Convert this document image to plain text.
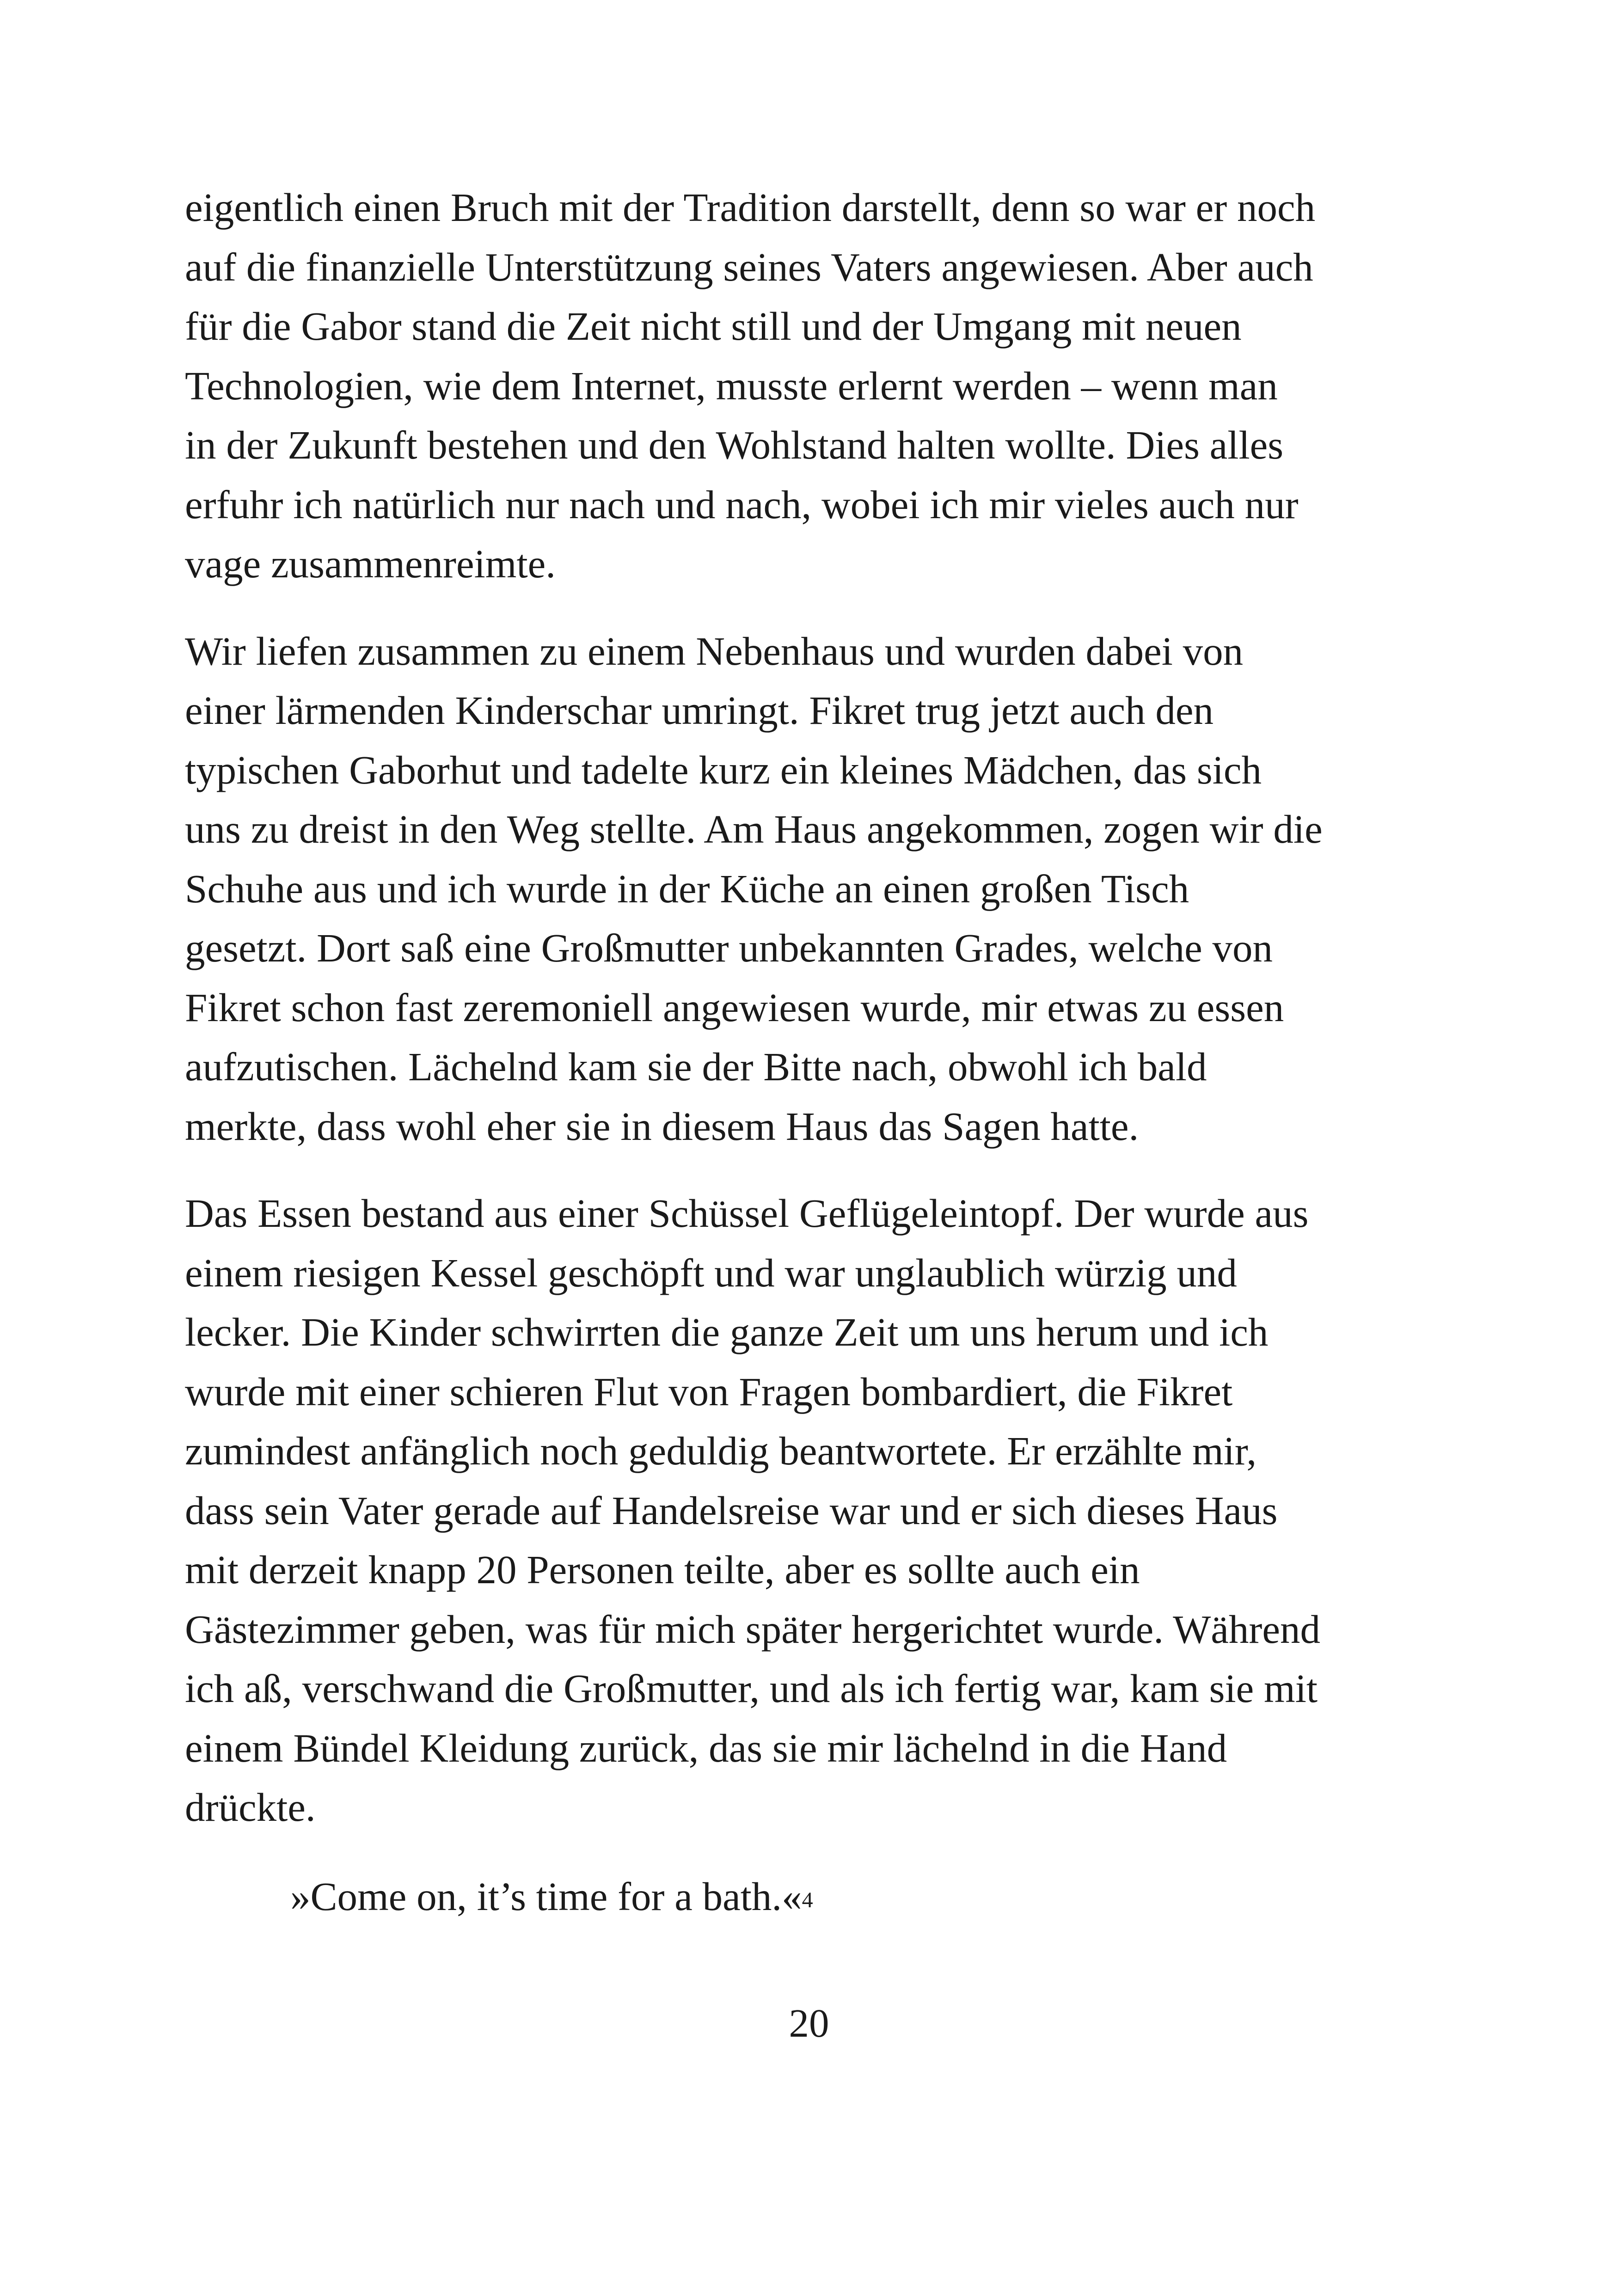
eigentlich einen Bruch mit der Tradition darstellt, denn so war er noch
auf die finanzielle Unterstützung seines Vaters angewiesen. Aber auch
für die Gabor stand die Zeit nicht still und der Umgang mit neuen
Technologien, wie dem Internet, musste erlernt werden – wenn man
in der Zukunft bestehen und den Wohlstand halten wollte. Dies alles
erfuhr ich natürlich nur nach und nach, wobei ich mir vieles auch nur
vage zusammenreimte.

Wir liefen zusammen zu einem Nebenhaus und wurden dabei von
einer lärmenden Kinderschar umringt. Fikret trug jetzt auch den
typischen Gaborhut und tadelte kurz ein kleines Mädchen, das sich
uns zu dreist in den Weg stellte. Am Haus angekommen, zogen wir die
Schuhe aus und ich wurde in der Küche an einen großen Tisch
gesetzt. Dort saß eine Großmutter unbekannten Grades, welche von
Fikret schon fast zeremoniell angewiesen wurde, mir etwas zu essen
aufzutischen. Lächelnd kam sie der Bitte nach, obwohl ich bald
merkte, dass wohl eher sie in diesem Haus das Sagen hatte.

Das Essen bestand aus einer Schüssel Geflügeleintopf. Der wurde aus
einem riesigen Kessel geschöpft und war unglaublich würzig und
lecker. Die Kinder schwirrten die ganze Zeit um uns herum und ich
wurde mit einer schieren Flut von Fragen bombardiert, die Fikret
zumindest anfänglich noch geduldig beantwortete. Er erzählte mir,
dass sein Vater gerade auf Handelsreise war und er sich dieses Haus
mit derzeit knapp 20 Personen teilte, aber es sollte auch ein
Gästezimmer geben, was für mich später hergerichtet wurde. Während
ich aß, verschwand die Großmutter, und als ich fertig war, kam sie mit
einem Bündel Kleidung zurück, das sie mir lächelnd in die Hand
drückte.

»Come on, it’s time for a bath.«$^4$
20
